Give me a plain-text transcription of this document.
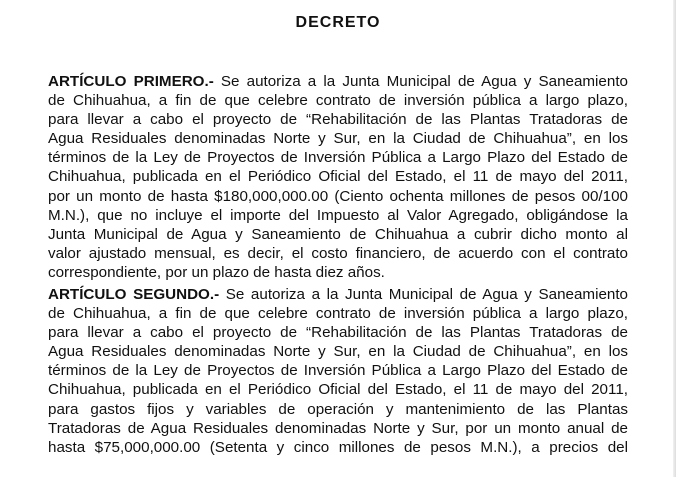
DECRETO
ARTÍCULO PRIMERO.- Se autoriza a la Junta Municipal de Agua y Saneamiento
de Chihuahua, a fin de que celebre contrato de inversión pública a largo plazo,
para llevar a cabo el proyecto de “Rehabilitación de las Plantas Tratadoras de
Agua Residuales denominadas Norte y Sur, en la Ciudad de Chihuahua”, en los
términos de la Ley de Proyectos de Inversión Pública a Largo Plazo del Estado de
Chihuahua, publicada en el Periódico Oficial del Estado, el 11 de mayo del 2011,
por un monto de hasta $180,000,000.00 (Ciento ochenta millones de pesos 00/100
M.N.), que no incluye el importe del Impuesto al Valor Agregado, obligándose la
Junta Municipal de Agua y Saneamiento de Chihuahua a cubrir dicho monto al
valor ajustado mensual, es decir, el costo financiero, de acuerdo con el contrato
correspondiente, por un plazo de hasta diez años.
ARTÍCULO SEGUNDO.- Se autoriza a la Junta Municipal de Agua y Saneamiento
de Chihuahua, a fin de que celebre contrato de inversión pública a largo plazo,
para llevar a cabo el proyecto de “Rehabilitación de las Plantas Tratadoras de
Agua Residuales denominadas Norte y Sur, en la Ciudad de Chihuahua”, en los
términos de la Ley de Proyectos de Inversión Pública a Largo Plazo del Estado de
Chihuahua, publicada en el Periódico Oficial del Estado, el 11 de mayo del 2011,
para gastos fijos y variables de operación y mantenimiento de las Plantas
Tratadoras de Agua Residuales denominadas Norte y Sur, por un monto anual de
hasta $75,000,000.00 (Setenta y cinco millones de pesos M.N.), a precios del
